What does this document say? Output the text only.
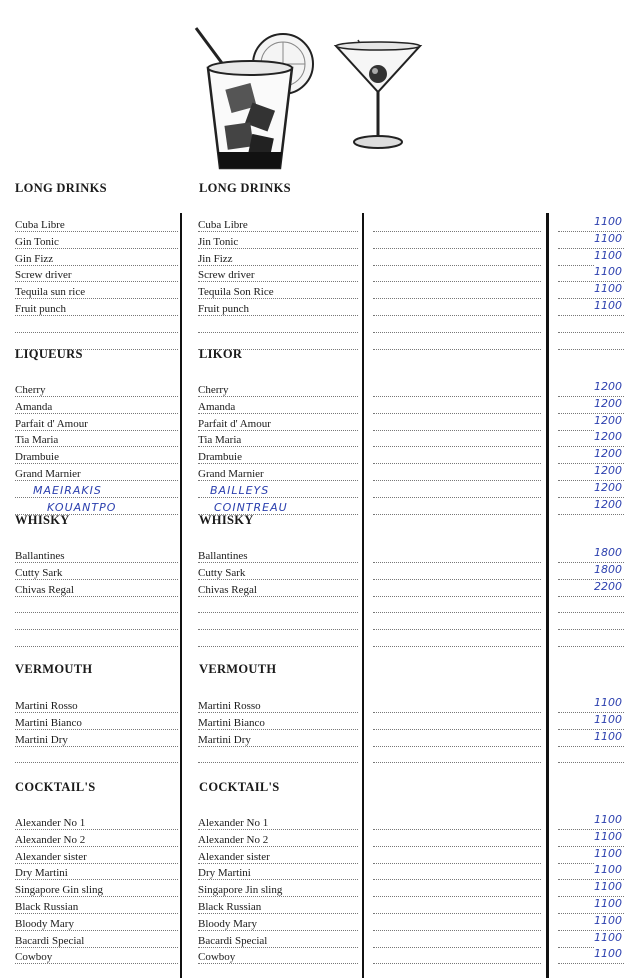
LONG DRINKS	LONG DRINKS
Cuba Libre	Cuba Libre	1100
Gin Tonic	Jin Tonic	1100
Gin Fizz	Jin Fizz	1100
Screw driver	Screw driver	1100
Tequila sun rice	Tequila Son Rice	1100
Fruit punch	Fruit punch	1100
LIQUEURS	LIKOR
Cherry	Cherry	1200
Amanda	Amanda	1200
Parfait d' Amour	Parfait d' Amour	1200
Tia Maria	Tia Maria	1200
Drambuie	Drambuie	1200
Grand Marnier	Grand Marnier	1200
MAEIRAKIS	BAILLEYS	1200
KOUANTPO	COINTREAU	1200
WHISKY	WHISKY
Ballantines	Ballantines	1800
Cutty Sark	Cutty Sark	1800
Chivas Regal	Chivas Regal	2200
VERMOUTH	VERMOUTH
Martini Rosso	Martini Rosso	1100
Martini Bianco	Martini Bianco	1100
Martini Dry	Martini Dry	1100
COCKTAIL'S	COCKTAIL'S
Alexander No 1	Alexander No 1	1100
Alexander No 2	Alexander No 2	1100
Alexander sister	Alexander sister	1100
Dry Martini	Dry Martini	1100
Singapore Gin sling	Singapore Jin sling	1100
Black Russian	Black Russian	1100
Bloody Mary	Bloody Mary	1100
Bacardi Special	Bacardi Special	1100
Cowboy	Cowboy	1100
